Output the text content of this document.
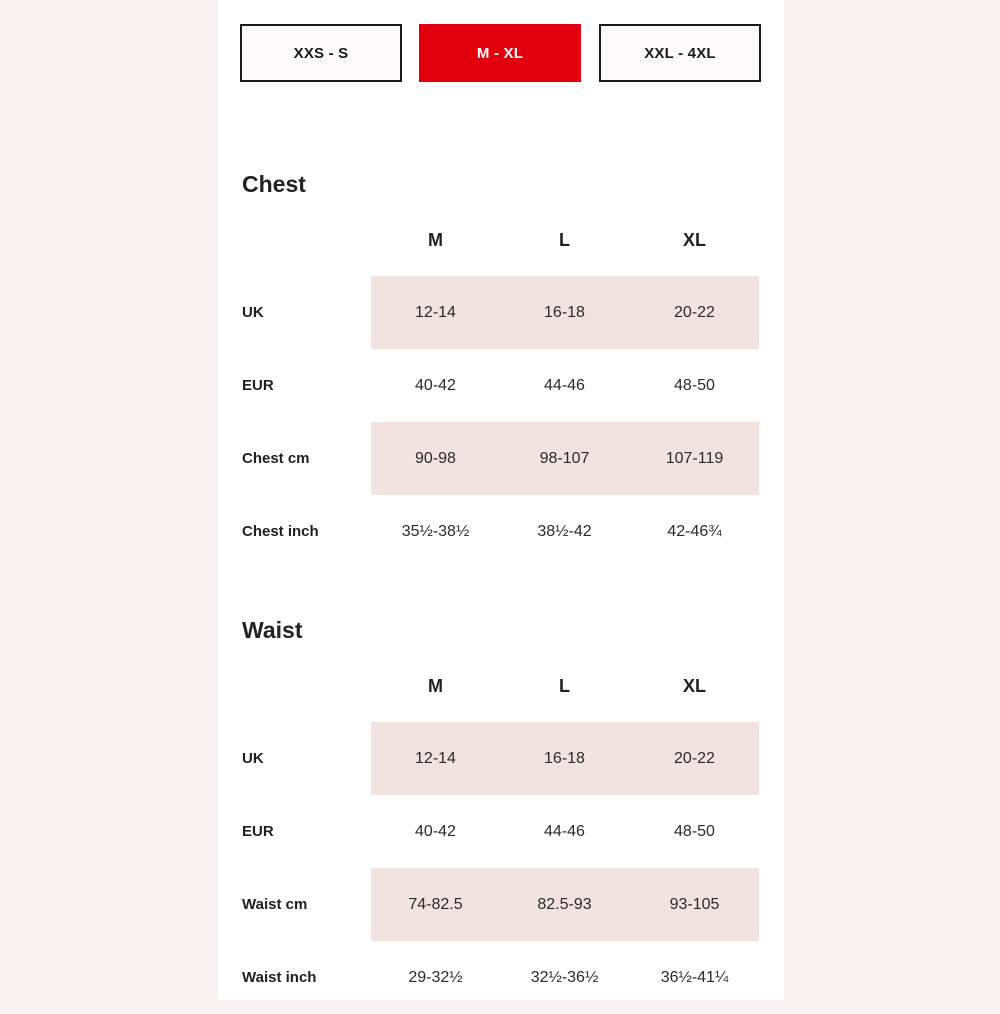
XXS - S	M - XL	XXL - 4XL
Chest
M	L	XL
UK	12-14	16-18	20-22
EUR	40-42	44-46	48-50
Chest cm	90-98	98-107	107-119
Chest inch	35½-38½	38½-42	42-46¾
Waist
M	L	XL
UK	12-14	16-18	20-22
EUR	40-42	44-46	48-50
Waist cm	74-82.5	82.5-93	93-105
Waist inch	29-32½	32½-36½	36½-41¼
